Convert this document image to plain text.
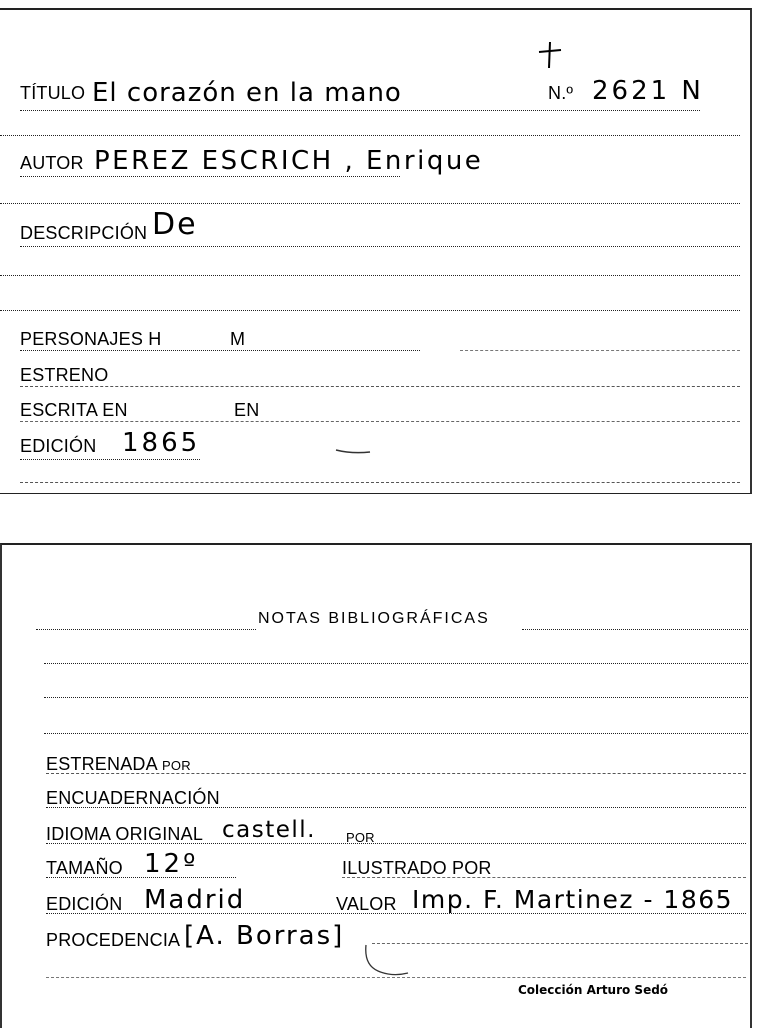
TÍTULO El corazón en la mano	N.º 2621 N
AUTOR PEREZ ESCRICH , Enrique
DESCRIPCIÓN De
PERSONAJES H	M
ESTRENO
ESCRITA EN	EN
EDICIÓN 1865
NOTAS BIBLIOGRÁFICAS
ESTRENADA por
ENCUADERNACIÓN
IDIOMA ORIGINAL castell. por
TAMAÑO 12º	ILUSTRADO POR
EDICIÓN Madrid	VALOR Imp. F. Martinez - 1865
PROCEDENCIA [A. Borras]
Colección Arturo Sedó
